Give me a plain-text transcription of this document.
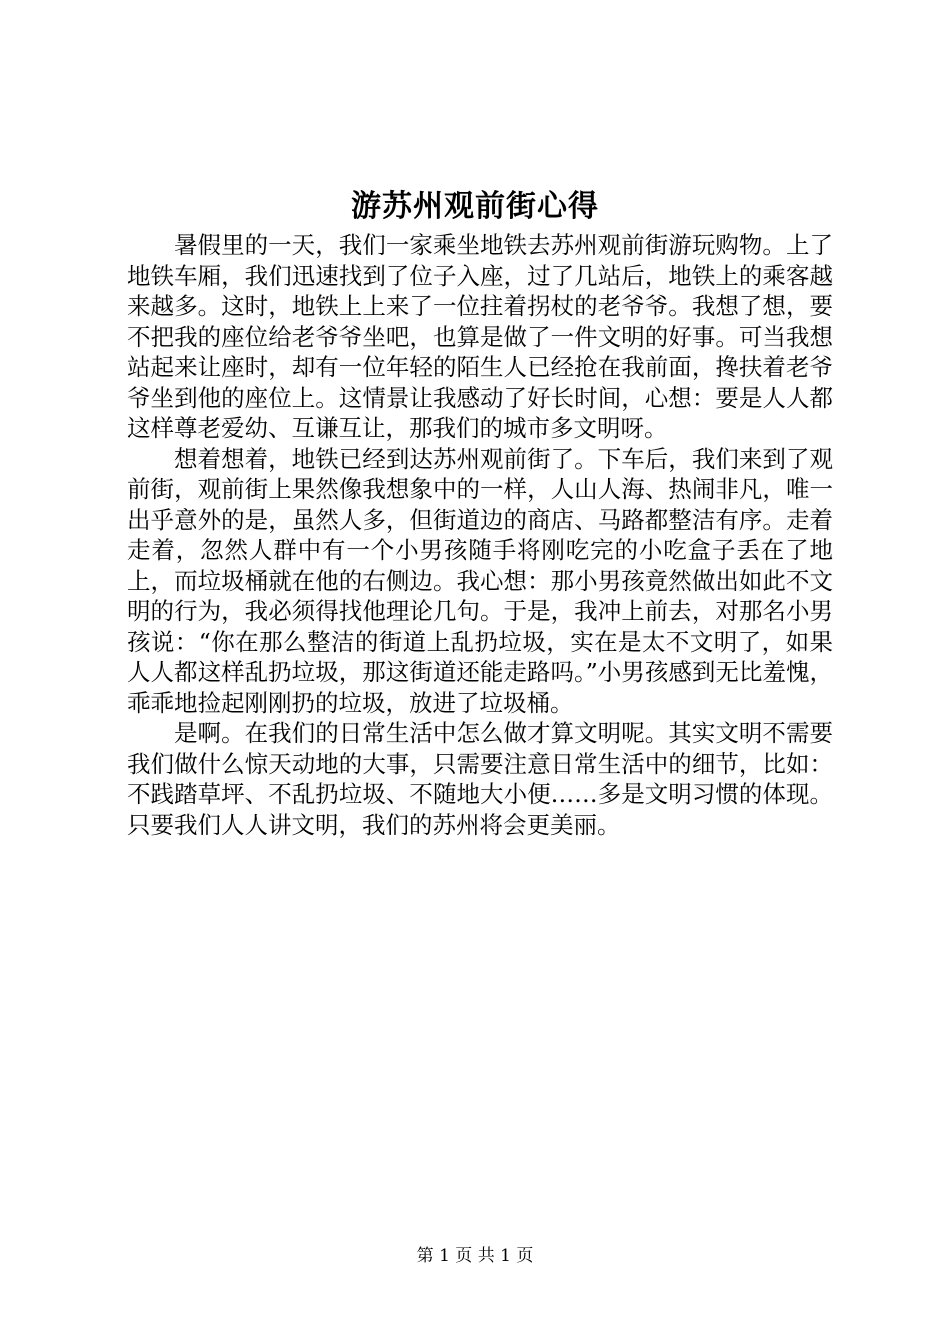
游苏州观前街心得

暑假里的一天，我们一家乘坐地铁去苏州观前街游玩购物。上了地铁车厢，我们迅速找到了位子入座，过了几站后，地铁上的乘客越来越多。这时，地铁上上来了一位拄着拐杖的老爷爷。我想了想，要不把我的座位给老爷爷坐吧，也算是做了一件文明的好事。可当我想站起来让座时，却有一位年轻的陌生人已经抢在我前面，搀扶着老爷爷坐到他的座位上。这情景让我感动了好长时间，心想：要是人人都这样尊老爱幼、互谦互让，那我们的城市多文明呀。

想着想着，地铁已经到达苏州观前街了。下车后，我们来到了观前街，观前街上果然像我想象中的一样，人山人海、热闹非凡，唯一出乎意外的是，虽然人多，但街道边的商店、马路都整洁有序。走着走着，忽然人群中有一个小男孩随手将刚吃完的小吃盒子丢在了地上，而垃圾桶就在他的右侧边。我心想：那小男孩竟然做出如此不文明的行为，我必须得找他理论几句。于是，我冲上前去，对那名小男孩说：“你在那么整洁的街道上乱扔垃圾，实在是太不文明了，如果人人都这样乱扔垃圾，那这街道还能走路吗。”小男孩感到无比羞愧，乖乖地捡起刚刚扔的垃圾，放进了垃圾桶。

是啊。在我们的日常生活中怎么做才算文明呢。其实文明不需要我们做什么惊天动地的大事，只需要注意日常生活中的细节，比如：不践踏草坪、不乱扔垃圾、不随地大小便……多是文明习惯的体现。只要我们人人讲文明，我们的苏州将会更美丽。

第 1 页 共 1 页
